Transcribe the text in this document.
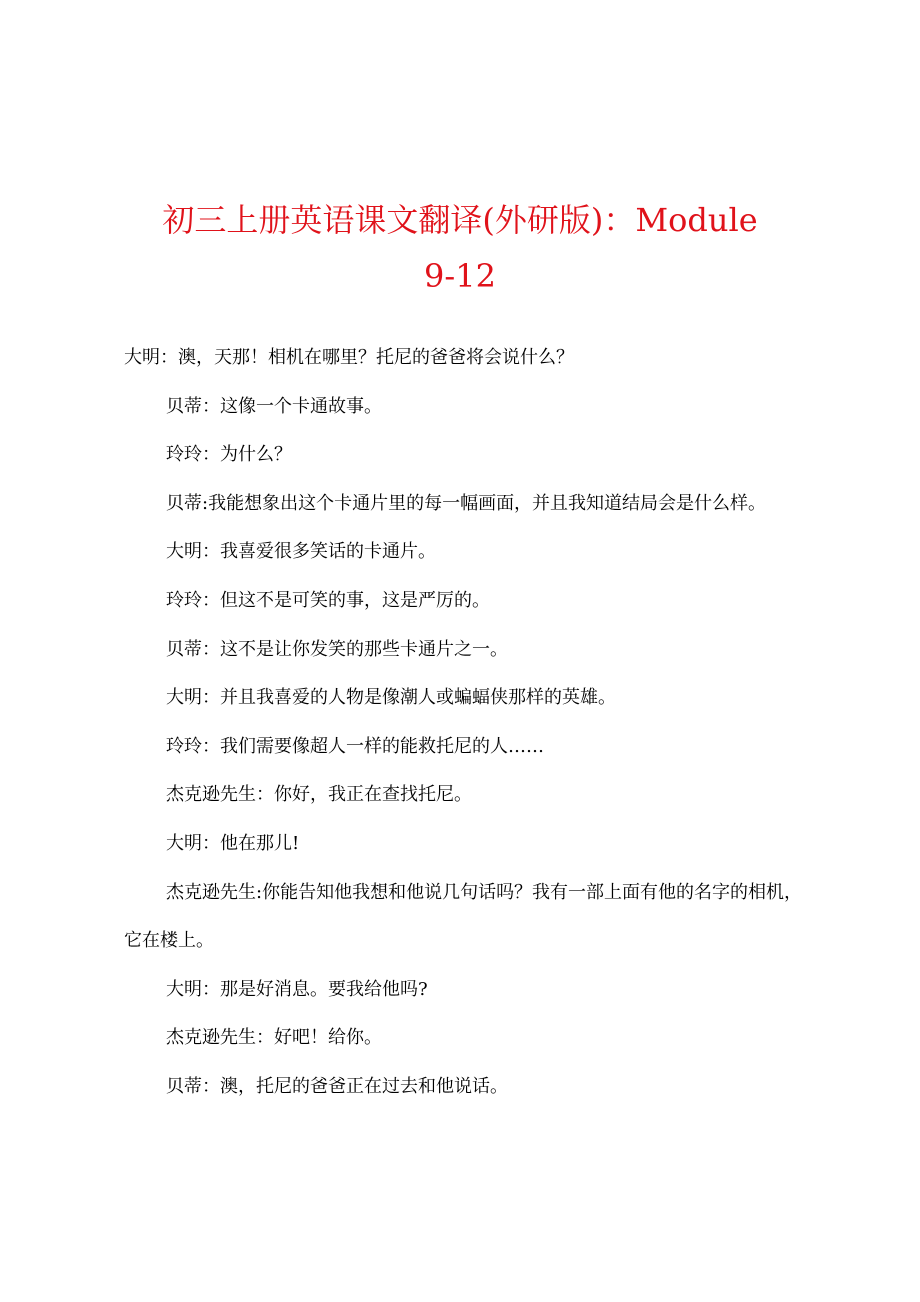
初三上册英语课文翻译(外研版)：Module
9-12

大明：澳，天那！相机在哪里？托尼的爸爸将会说什么？

贝蒂：这像一个卡通故事。

玲玲：为什么？

贝蒂:我能想象出这个卡通片里的每一幅画面，并且我知道结局会是什么样。

大明：我喜爱很多笑话的卡通片。

玲玲：但这不是可笑的事，这是严厉的。

贝蒂：这不是让你发笑的那些卡通片之一。

大明：并且我喜爱的人物是像潮人或蝙蝠侠那样的英雄。

玲玲：我们需要像超人一样的能救托尼的人……

杰克逊先生：你好，我正在查找托尼。

大明：他在那儿!

杰克逊先生:你能告知他我想和他说几句话吗？我有一部上面有他的名字的相机，它在楼上。

大明：那是好消息。要我给他吗?

杰克逊先生：好吧！给你。

贝蒂：澳，托尼的爸爸正在过去和他说话。
